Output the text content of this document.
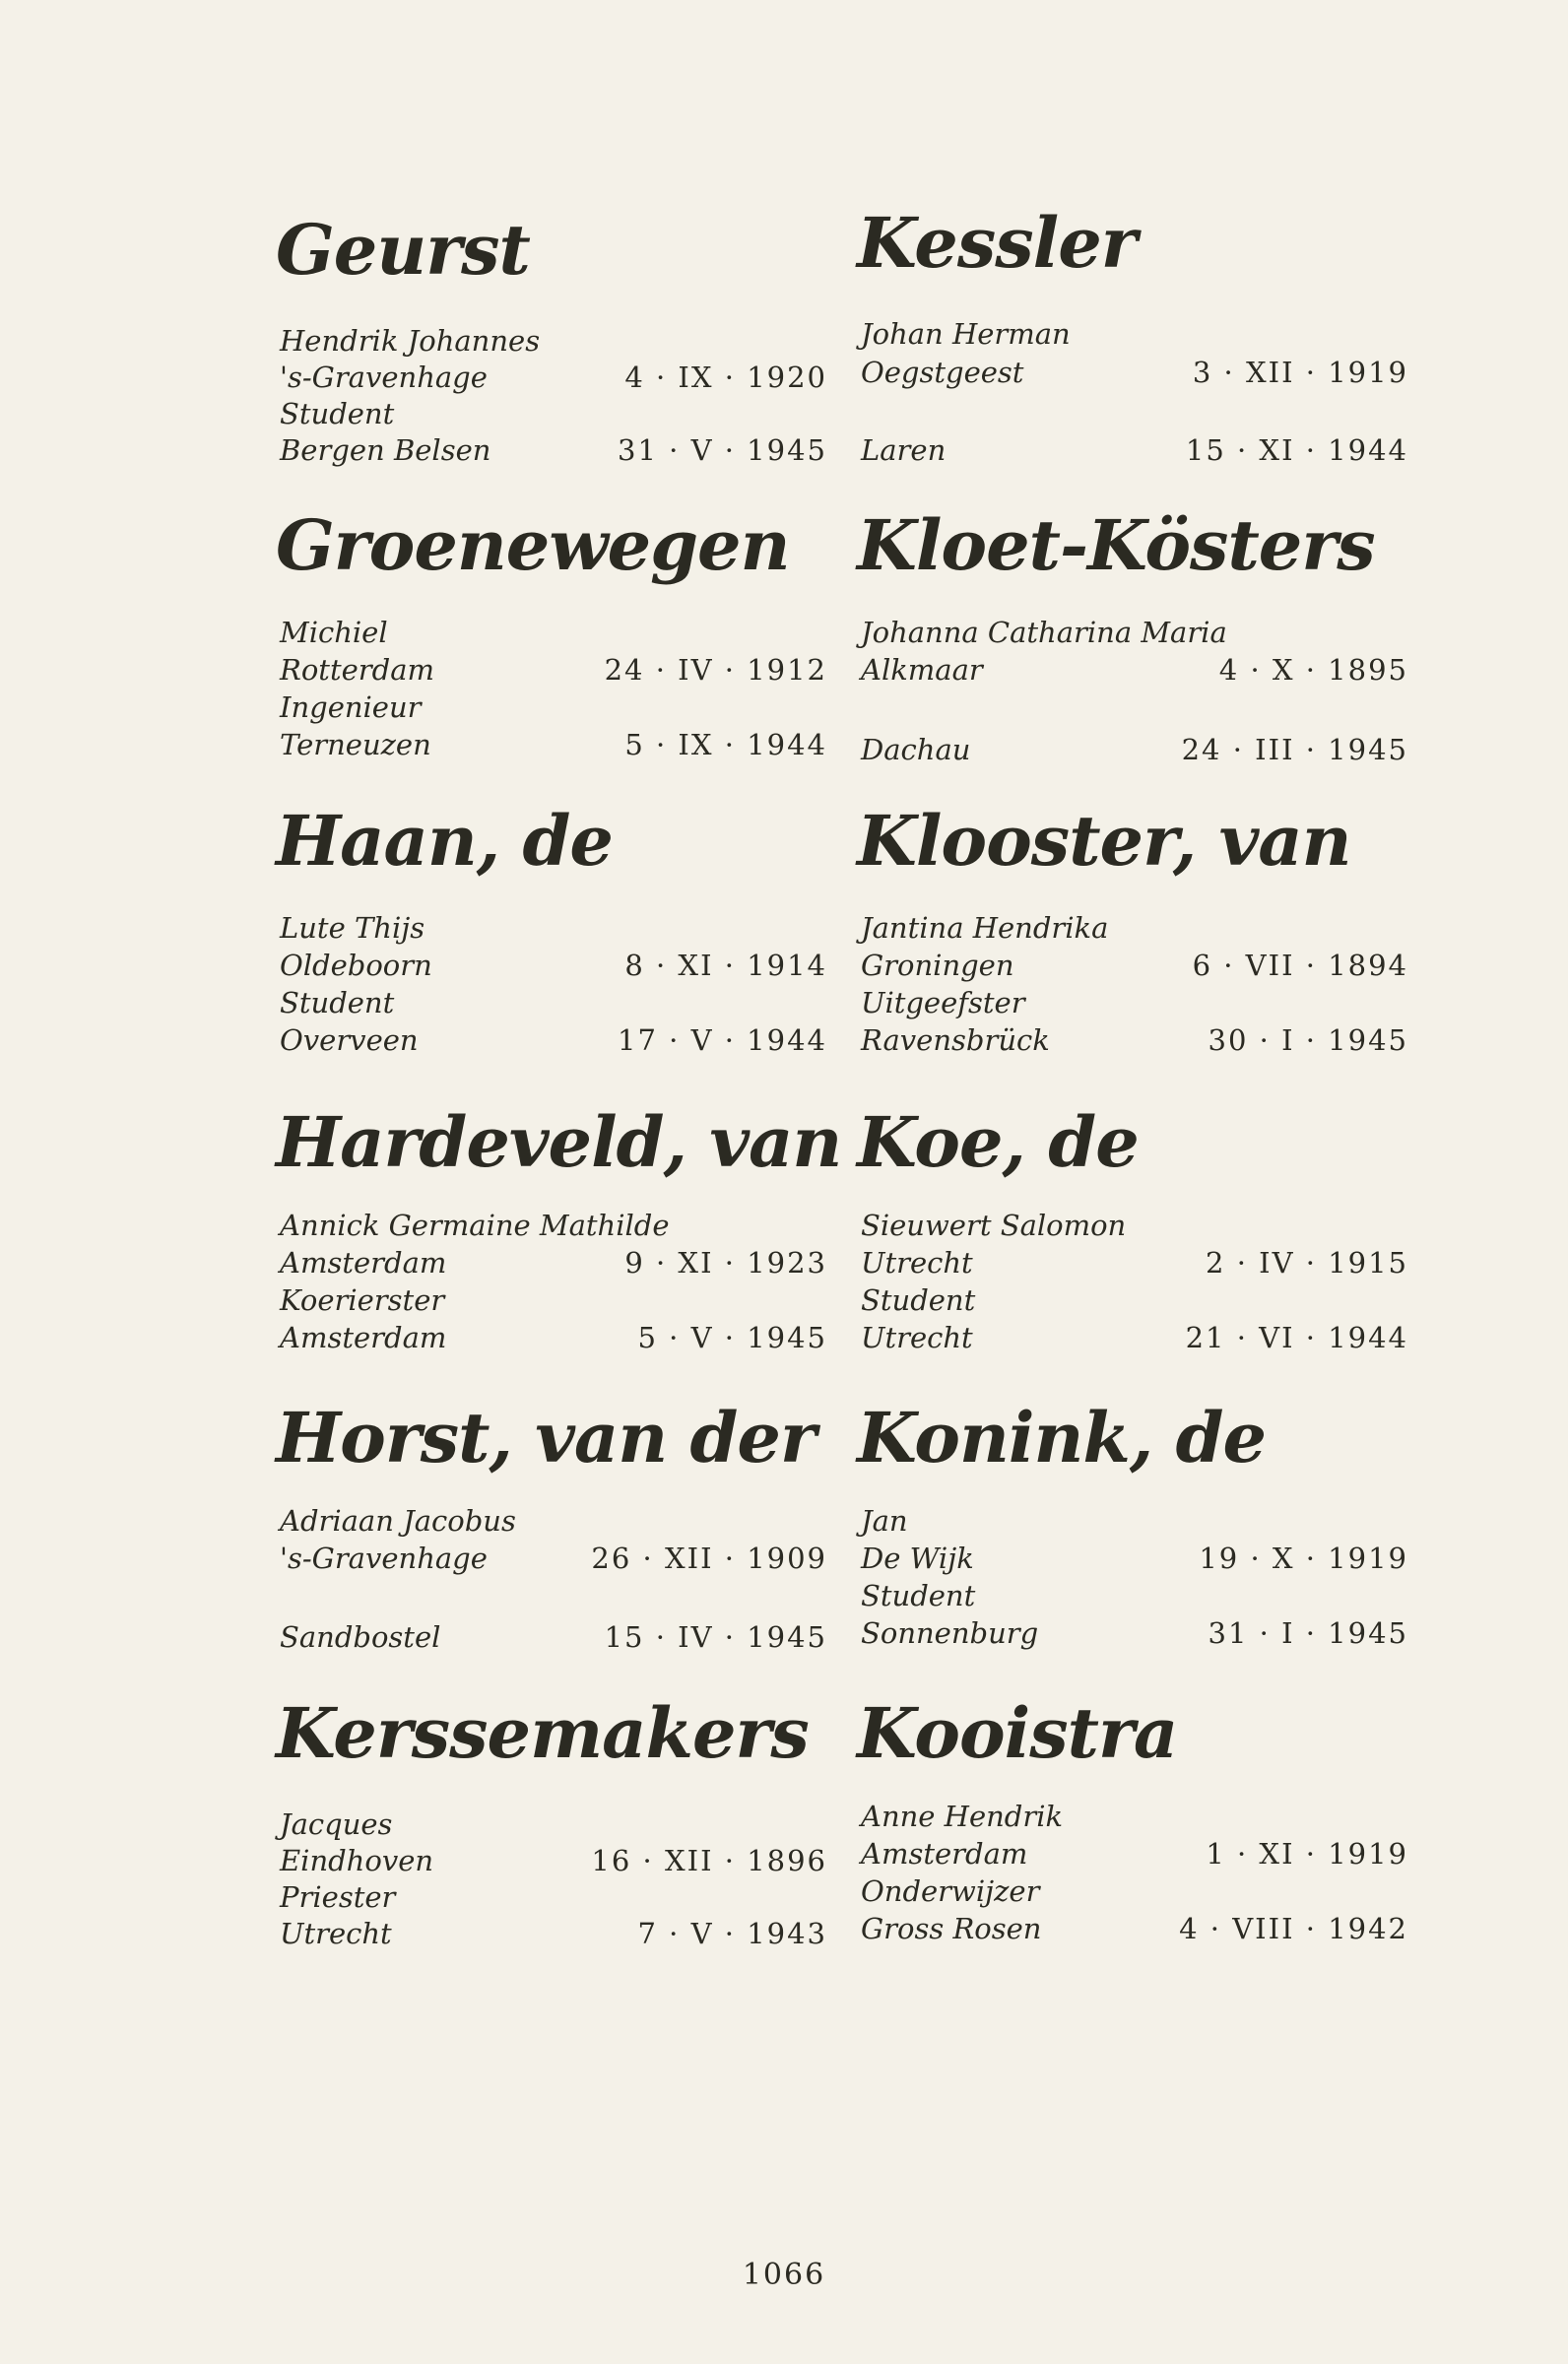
Geurst
Hendrik Johannes
's-Gravenhage	4 · IX · 1920
Student
Bergen Belsen	31 · V · 1945
Groenewegen
Michiel
Rotterdam	24 · IV · 1912
Ingenieur
Terneuzen	5 · IX · 1944
Haan, de
Lute Thijs
Oldeboorn	8 · XI · 1914
Student
Overveen	17 · V · 1944
Hardeveld, van
Annick Germaine Mathilde
Amsterdam	9 · XI · 1923
Koerierster
Amsterdam	5 · V · 1945
Horst, van der
Adriaan Jacobus
's-Gravenhage	26 · XII · 1909
Sandbostel	15 · IV · 1945
Kerssemakers
Jacques
Eindhoven	16 · XII · 1896
Priester
Utrecht	7 · V · 1943
Kessler
Johan Herman
Oegstgeest	3 · XII · 1919
Laren	15 · XI · 1944
Kloet-Kösters
Johanna Catharina Maria
Alkmaar	4 · X · 1895
Dachau	24 · III · 1945
Klooster, van
Jantina Hendrika
Groningen	6 · VII · 1894
Uitgeefster
Ravensbrück	30 · I · 1945
Koe, de
Sieuwert Salomon
Utrecht	2 · IV · 1915
Student
Utrecht	21 · VI · 1944
Konink, de
Jan
De Wijk	19 · X · 1919
Student
Sonnenburg	31 · I · 1945
Kooistra
Anne Hendrik
Amsterdam	1 · XI · 1919
Onderwijzer
Gross Rosen	4 · VIII · 1942
1066
